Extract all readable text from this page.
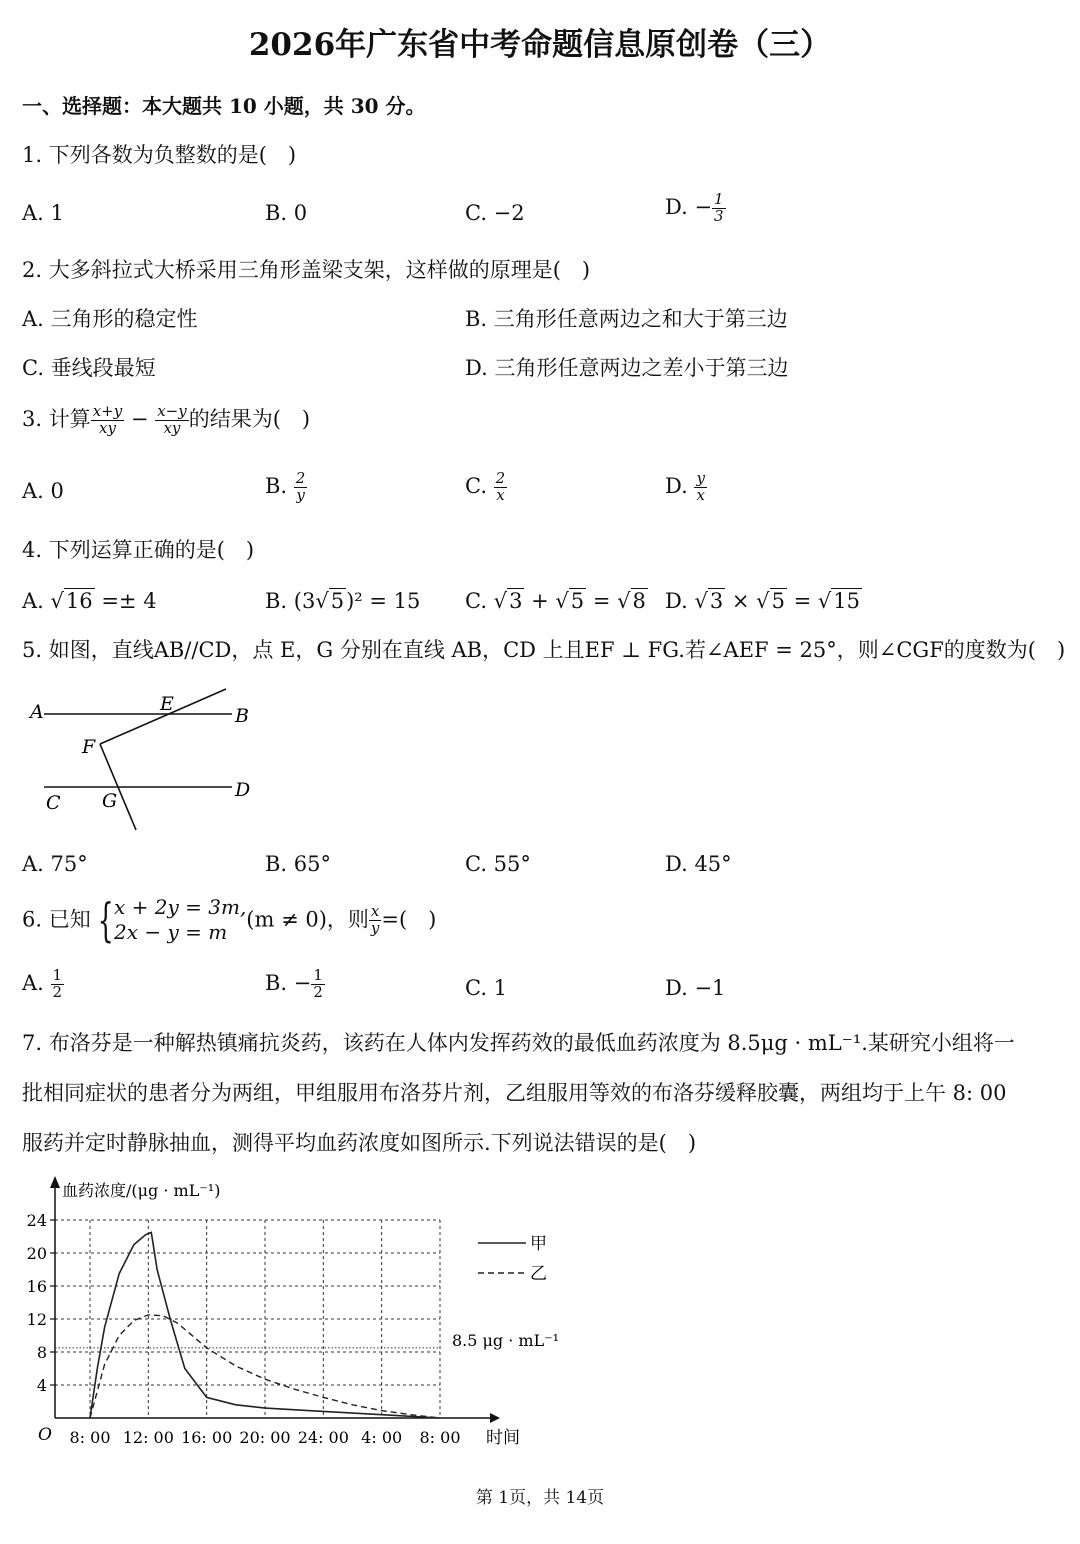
2026年广东省中考命题信息原创卷（三）
一、选择题：本大题共 10 小题，共 30 分。
1. 下列各数为负整数的是( )
A. 1	B. 0	C. −2	D. − $\frac{1}{3}$
2. 大多斜拉式大桥采用三角形盖梁支架，这样做的原理是( )
A. 三角形的稳定性	B. 三角形任意两边之和大于第三边
C. 垂线段最短	D. 三角形任意两边之差小于第三边
3. 计算 $\frac{x+y}{xy} - \frac{x-y}{xy}$ 的结果为( )
A. 0	B. $\frac{2}{y}$	C. $\frac{2}{x}$	D. $\frac{y}{x}$
4. 下列运算正确的是( )
A. √16 =± 4	B. (3√5)² = 15 C. √3 + √5 = √8 D. √3 × √5 = √15
5. 如图，直线AB//CD，点 E，G 分别在直线 AB，CD 上且EF ⊥ FG.若∠AEF = 25°，则∠CGF的度数为( )
A	B
C
D
E
F
G
A. 75°	B. 65°	C. 55°	D. 45°
6. 已知 { x + 2y = 3m,
2x − y = m
(m ≠ 0)，则 $\frac{x}{y}$ =( )
A. $\frac{1}{2}$	B. − $\frac{1}{2}$	C. 1	D. −1
7. 布洛芬是一种解热镇痛抗炎药，该药在人体内发挥药效的最低血药浓度为 8.5μg · mL⁻¹.某研究小组将一
批相同症状的患者分为两组，甲组服用布洛芬片剂，乙组服用等效的布洛芬缓释胶囊，两组均于上午 8: 00
服药并定时静脉抽血，测得平均血药浓度如图所示.下列说法错误的是( )
血药浓度/(μg · mL⁻¹)
时间
O
4
8
12
16
20
24
8: 00 12: 00 16: 00 20: 00 24: 00 4: 00 8: 00
8.5 μg · mL⁻¹
甲
乙
第 1页，共 14页
